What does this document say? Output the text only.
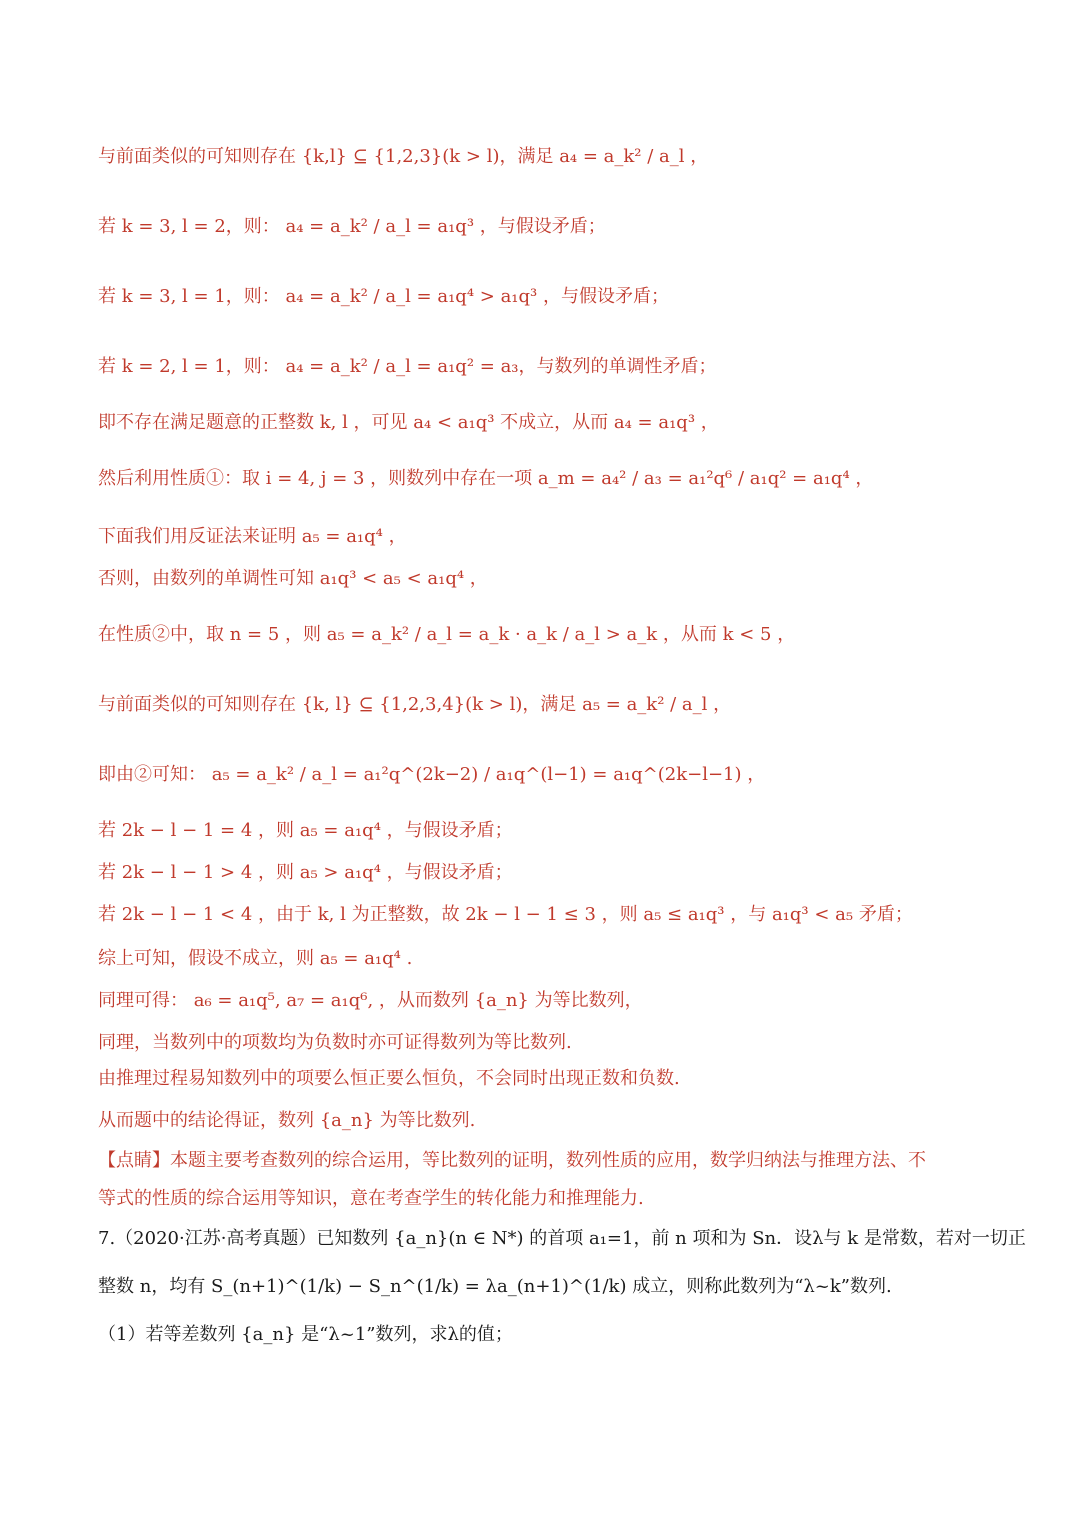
与前面类似的可知则存在 {k,l} ⊆ {1,2,3}(k > l)，满足 a₄ = a_k² / a_l ，
若 k = 3, l = 2，则： a₄ = a_k² / a_l = a₁q³ ，与假设矛盾；
若 k = 3, l = 1，则： a₄ = a_k² / a_l = a₁q⁴ > a₁q³ ，与假设矛盾；
若 k = 2, l = 1，则： a₄ = a_k² / a_l = a₁q² = a₃，与数列的单调性矛盾；
即不存在满足题意的正整数 k, l ，可见 a₄ < a₁q³ 不成立，从而 a₄ = a₁q³ ，
然后利用性质①：取 i = 4, j = 3 ，则数列中存在一项 a_m = a₄² / a₃ = a₁²q⁶ / a₁q² = a₁q⁴ ，
下面我们用反证法来证明 a₅ = a₁q⁴ ，
否则，由数列的单调性可知 a₁q³ < a₅ < a₁q⁴ ，
在性质②中，取 n = 5 ，则 a₅ = a_k² / a_l = a_k · a_k / a_l > a_k ，从而 k < 5 ，
与前面类似的可知则存在 {k, l} ⊆ {1,2,3,4}(k > l)，满足 a₅ = a_k² / a_l ，
即由②可知： a₅ = a_k² / a_l = a₁²q^(2k−2) / a₁q^(l−1) = a₁q^(2k−l−1) ，
若 2k − l − 1 = 4 ，则 a₅ = a₁q⁴ ，与假设矛盾；
若 2k − l − 1 > 4 ，则 a₅ > a₁q⁴ ，与假设矛盾；
若 2k − l − 1 < 4 ，由于 k, l 为正整数，故 2k − l − 1 ≤ 3 ，则 a₅ ≤ a₁q³ ，与 a₁q³ < a₅ 矛盾；
综上可知，假设不成立，则 a₅ = a₁q⁴ .
同理可得： a₆ = a₁q⁵, a₇ = a₁q⁶, ，从而数列 {a_n} 为等比数列，
同理，当数列中的项数均为负数时亦可证得数列为等比数列.
由推理过程易知数列中的项要么恒正要么恒负，不会同时出现正数和负数.
从而题中的结论得证，数列 {a_n} 为等比数列.
【点睛】本题主要考查数列的综合运用，等比数列的证明，数列性质的应用，数学归纳法与推理方法、不
等式的性质的综合运用等知识，意在考查学生的转化能力和推理能力.
7.（2020·江苏·高考真题）已知数列 {a_n}(n ∈ N*) 的首项 a₁=1，前 n 项和为 Sn．设λ与 k 是常数，若对一切正
整数 n，均有 S_(n+1)^(1/k) − S_n^(1/k) = λa_(n+1)^(1/k) 成立，则称此数列为“λ~k”数列.
（1）若等差数列 {a_n} 是“λ~1”数列，求λ的值；
